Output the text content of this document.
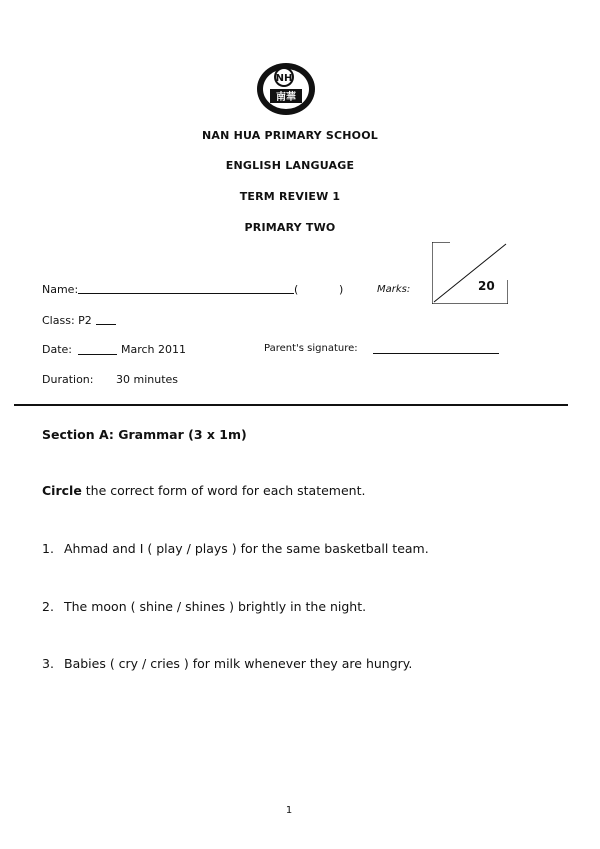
NH
南華
NAN HUA PRIMARY SCHOOL
ENGLISH LANGUAGE
TERM REVIEW 1
PRIMARY TWO
20
Name:	(	)	Marks:
Class: P2
Date:	March 2011	Parent's signature:
Duration: 30 minutes
Section A: Grammar (3 x 1m)
Circle the correct form of word for each statement.
1. Ahmad and I ( play / plays ) for the same basketball team.
2. The moon ( shine / shines ) brightly in the night.
3. Babies ( cry / cries ) for milk whenever they are hungry.
1
